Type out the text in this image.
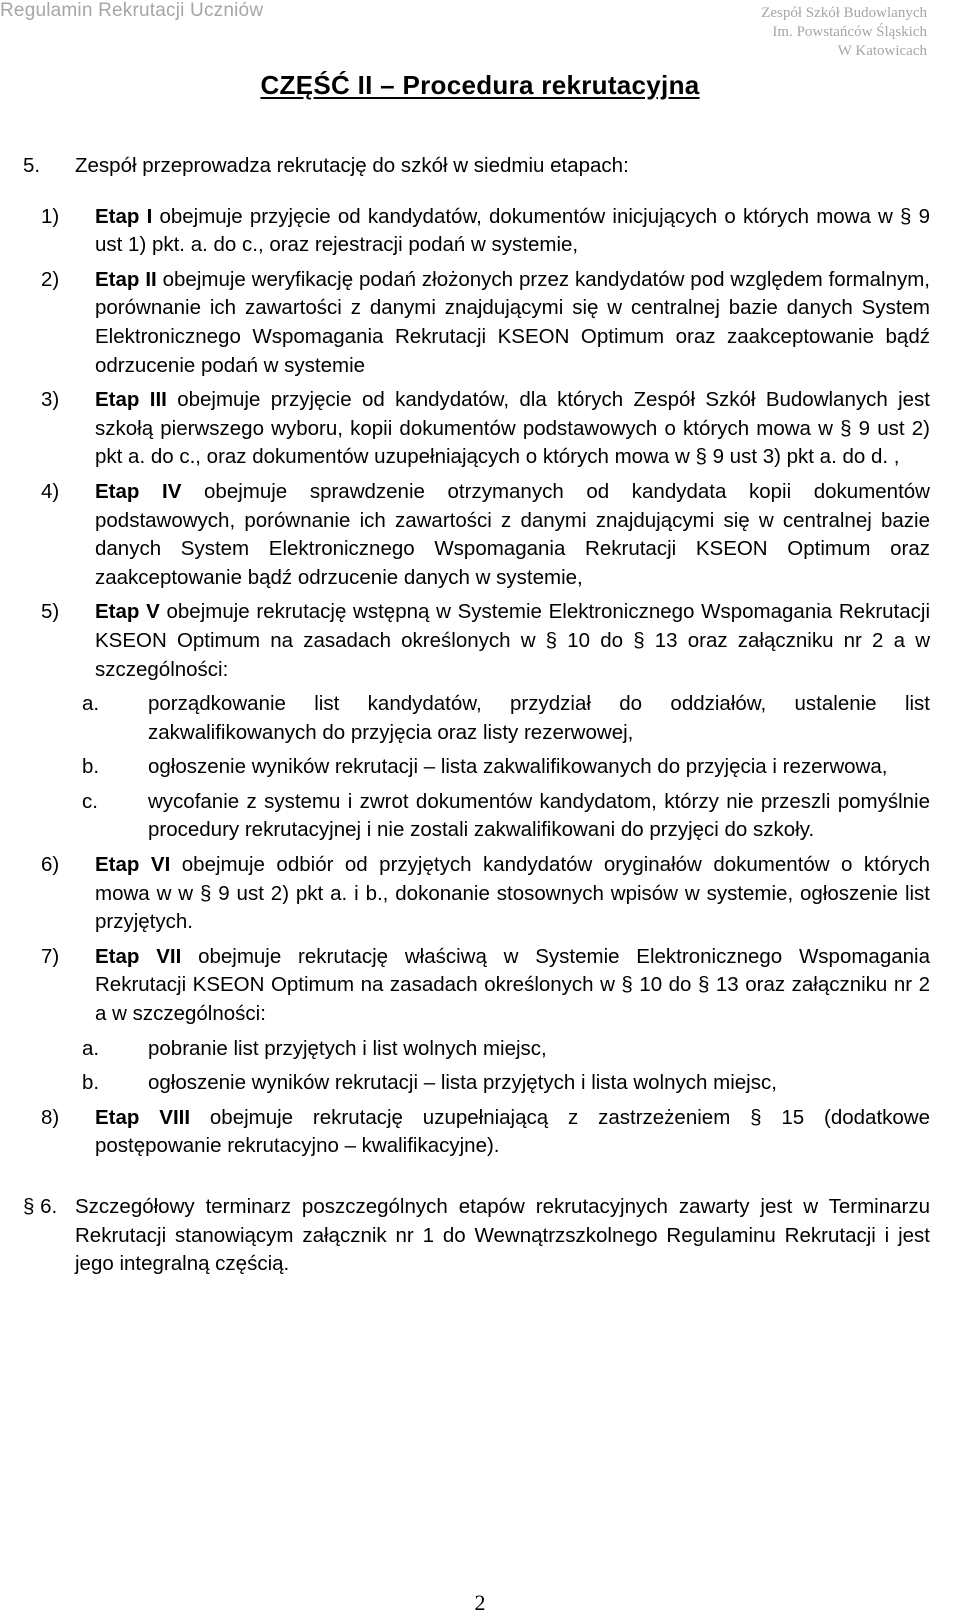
Regulamin Rekrutacji Uczniów	Zespół Szkół Budowlanych
Im. Powstańców Śląskich
W Katowicach
CZĘŚĆ II – Procedura rekrutacyjna
5. Zespół przeprowadza rekrutację do szkół w siedmiu etapach:
1) Etap I obejmuje przyjęcie od kandydatów, dokumentów inicjujących o których mowa w § 9 ust 1) pkt. a. do c., oraz rejestracji podań w systemie,
2) Etap II obejmuje weryfikację podań złożonych przez kandydatów pod względem formalnym, porównanie ich zawartości z danymi znajdującymi się w centralnej bazie danych System Elektronicznego Wspomagania Rekrutacji KSEON Optimum oraz zaakceptowanie bądź odrzucenie podań w systemie
3) Etap III obejmuje przyjęcie od kandydatów, dla których Zespół Szkół Budowlanych jest szkołą pierwszego wyboru, kopii dokumentów podstawowych o których mowa w § 9 ust 2) pkt a. do c., oraz dokumentów uzupełniających o których mowa w § 9 ust 3) pkt a. do d. ,
4) Etap IV obejmuje sprawdzenie otrzymanych od kandydata kopii dokumentów podstawowych, porównanie ich zawartości z danymi znajdującymi się w centralnej bazie danych System Elektronicznego Wspomagania Rekrutacji KSEON Optimum oraz zaakceptowanie bądź odrzucenie danych w systemie,
5) Etap V obejmuje rekrutację wstępną w Systemie Elektronicznego Wspomagania Rekrutacji KSEON Optimum na zasadach określonych w § 10 do § 13 oraz załączniku nr 2 a w szczególności:
a. porządkowanie list kandydatów, przydział do oddziałów, ustalenie list zakwalifikowanych do przyjęcia oraz listy rezerwowej,
b. ogłoszenie wyników rekrutacji – lista zakwalifikowanych do przyjęcia i rezerwowa,
c. wycofanie z systemu i zwrot dokumentów kandydatom, którzy nie przeszli pomyślnie procedury rekrutacyjnej i nie zostali zakwalifikowani do przyjęci do szkoły.
6) Etap VI obejmuje odbiór od przyjętych kandydatów oryginałów dokumentów o których mowa w w § 9 ust 2) pkt a. i b., dokonanie stosownych wpisów w systemie, ogłoszenie list przyjętych.
7) Etap VII obejmuje rekrutację właściwą w Systemie Elektronicznego Wspomagania Rekrutacji KSEON Optimum na zasadach określonych w § 10 do § 13 oraz załączniku nr 2 a w szczególności:
a. pobranie list przyjętych i list wolnych miejsc,
b. ogłoszenie wyników rekrutacji – lista przyjętych i lista wolnych miejsc,
8) Etap VIII obejmuje rekrutację uzupełniającą z zastrzeżeniem § 15 (dodatkowe postępowanie rekrutacyjno – kwalifikacyjne).
§ 6. Szczegółowy terminarz poszczególnych etapów rekrutacyjnych zawarty jest w Terminarzu Rekrutacji stanowiącym załącznik nr 1 do Wewnątrzszkolnego Regulaminu Rekrutacji i jest jego integralną częścią.
2
